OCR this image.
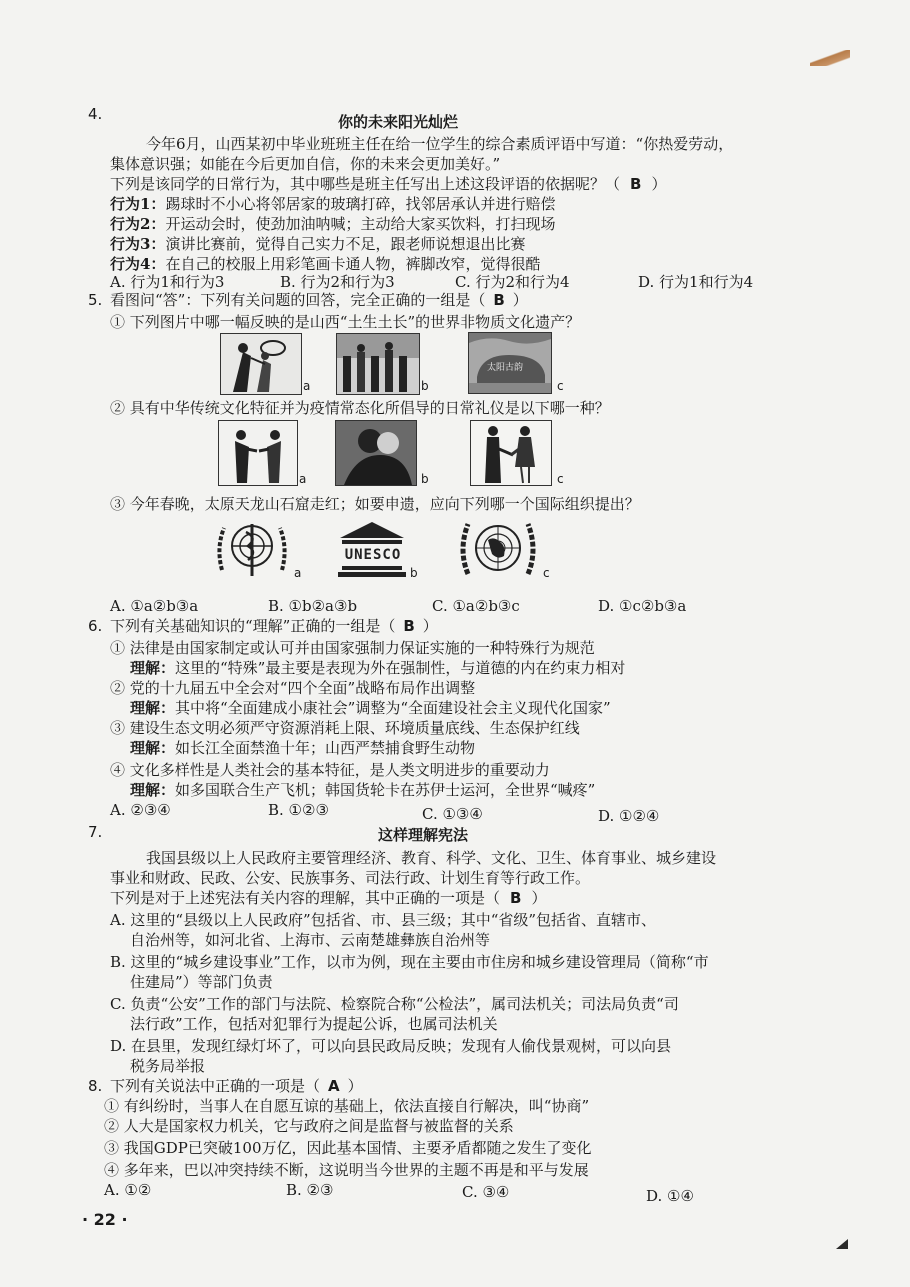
4.	你的未来阳光灿烂
今年6月，山西某初中毕业班班主任在给一位学生的综合素质评语中写道：“你热爱劳动，
集体意识强；如能在今后更加自信，你的未来会更加美好。”
下列是该同学的日常行为，其中哪些是班主任写出上述这段评语的依据呢？（ B ）
行为1：踢球时不小心将邻居家的玻璃打碎，找邻居承认并进行赔偿
行为2：开运动会时，使劲加油呐喊；主动给大家买饮料，打扫现场
行为3：演讲比赛前，觉得自己实力不足，跟老师说想退出比赛
行为4：在自己的校服上用彩笔画卡通人物，裤脚改窄，觉得很酷
A. 行为1和行为3	B. 行为2和行为3	C. 行为2和行为4	D. 行为1和行为4
5. 看图问“答”：下列有关问题的回答，完全正确的一组是（ B ）
① 下列图片中哪一幅反映的是山西“土生土长”的世界非物质文化遗产？
a	b
太阳古韵
c
② 具有中华传统文化特征并为疫情常态化所倡导的日常礼仪是以下哪一种？
a	b	c
③ 今年春晚，太原天龙山石窟走红；如要申遗，应向下列哪一个国际组织提出？
a
UNESCO
b	c
A. ①a②b③a	B. ①b②a③b	C. ①a②b③c	D. ①c②b③a
6. 下列有关基础知识的“理解”正确的一组是（ B ）
① 法律是由国家制定或认可并由国家强制力保证实施的一种特殊行为规范
理解：这里的“特殊”最主要是表现为外在强制性，与道德的内在约束力相对
② 党的十九届五中全会对“四个全面”战略布局作出调整
理解：其中将“全面建成小康社会”调整为“全面建设社会主义现代化国家”
③ 建设生态文明必须严守资源消耗上限、环境质量底线、生态保护红线
理解：如长江全面禁渔十年；山西严禁捕食野生动物
④ 文化多样性是人类社会的基本特征，是人类文明进步的重要动力
理解：如多国联合生产飞机；韩国货轮卡在苏伊士运河，全世界“喊疼”
A. ②③④	B. ①②③	C. ①③④	D. ①②④
7.	这样理解宪法
我国县级以上人民政府主要管理经济、教育、科学、文化、卫生、体育事业、城乡建设
事业和财政、民政、公安、民族事务、司法行政、计划生育等行政工作。
下列是对于上述宪法有关内容的理解，其中正确的一项是（ B ）
A. 这里的“县级以上人民政府”包括省、市、县三级；其中“省级”包括省、直辖市、
自治州等，如河北省、上海市、云南楚雄彝族自治州等
B. 这里的“城乡建设事业”工作，以市为例，现在主要由市住房和城乡建设管理局（简称“市
住建局”）等部门负责
C. 负责“公安”工作的部门与法院、检察院合称“公检法”，属司法机关；司法局负责“司
法行政”工作，包括对犯罪行为提起公诉，也属司法机关
D. 在县里，发现红绿灯坏了，可以向县民政局反映；发现有人偷伐景观树，可以向县
税务局举报
8. 下列有关说法中正确的一项是（ A ）
① 有纠纷时，当事人在自愿互谅的基础上，依法直接自行解决，叫“协商”
② 人大是国家权力机关，它与政府之间是监督与被监督的关系
③ 我国GDP已突破100万亿，因此基本国情、主要矛盾都随之发生了变化
④ 多年来，巴以冲突持续不断，这说明当今世界的主题不再是和平与发展
A. ①②	B. ②③	C. ③④	D. ①④
· 22 ·
